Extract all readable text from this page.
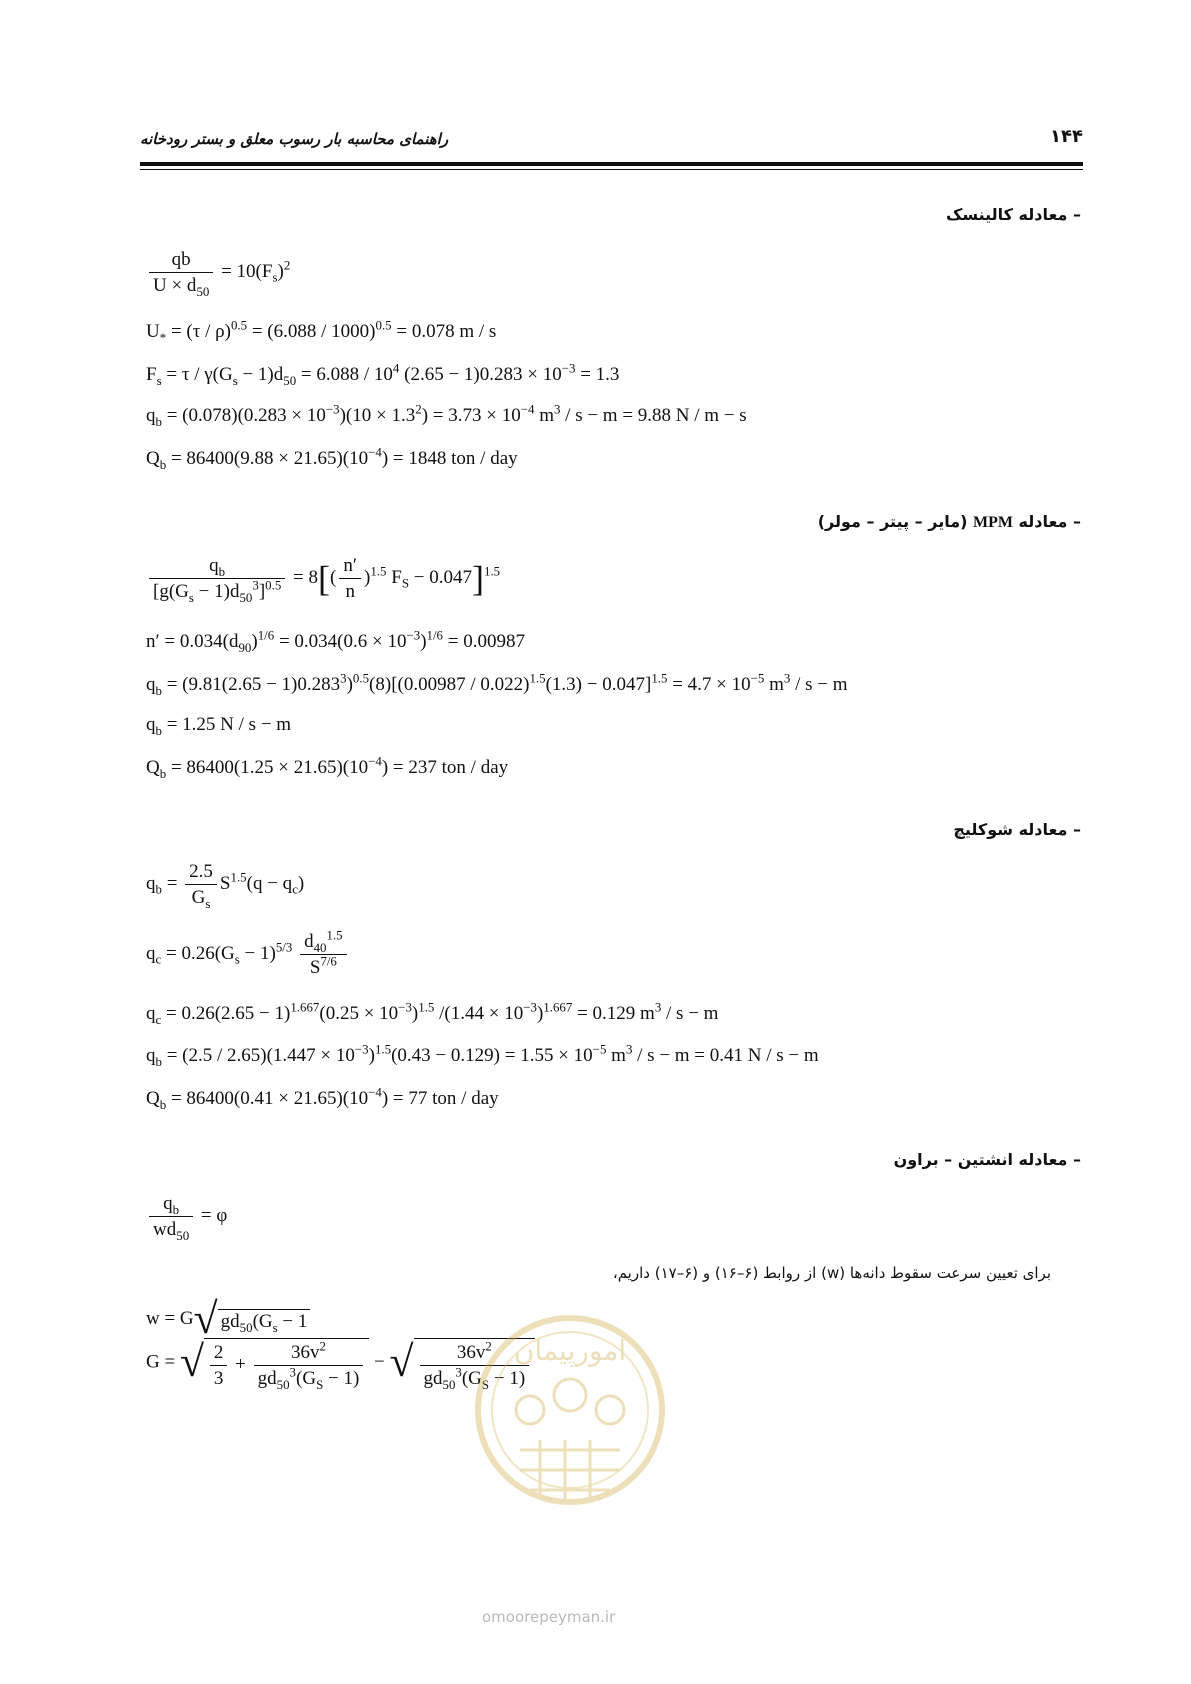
راهنمای محاسبه بار رسوب معلق و بستر رودخانه	۱۴۴
– معادله کالینسک
$\frac{qb}{U \times d_{50}} = 10(F_s)^2$
$U_* = (\tau / \rho)^{0.5} = (6.088 / 1000)^{0.5} = 0.078$ m / s
$F_s = \tau / \gamma(G_s - 1)d_{50} = 6.088 / 10^4$ $(2.65 - 1)0.283 \times 10^{-3} = 1.3$
$q_b = (0.078)(0.283 \times 10^{-3})(10 \times 1.3^2) = 3.73 \times 10^{-4}$ $m^3 / s - m = 9.88$ N / m − s
$Q_b = 86400(9.88 \times 21.65)(10^{-4}) = 1848$ ton / day
– معادله MPM (مایر – پیتر – مولر)
$\frac{q_b}{[g(G_s - 1)d_{50}^3]^{0.5}} = 8[( \frac{n'}{n} )^{1.5}$ $F_S - 0.047]^{1.5}$
$n' = 0.034(d_{90})^{1/6} = 0.034(0.6 \times 10^{-3})^{1/6} = 0.00987$
$q_b = (9.81(2.65 - 1)0.283^3)^{0.5}(8)[(0.00987 / 0.022)^{1.5}(1.3) - 0.047]^{1.5} = 4.7 \times 10^{-5}$ $m^3 / s - m$
$q_b = 1.25$ N / s − m
$Q_b = 86400(1.25 \times 21.65)(10^{-4}) = 237$ ton / day
– معادله شوکلیچ
$q_b = \frac{2.5}{G_s} S^{1.5}(q - q_c)$
$q_c = 0.26(G_s - 1)^{5/3} \frac{d_{40}^{1.5}}{S^{7/6}}$
$q_c = 0.26(2.65 - 1)^{1.667}(0.25 \times 10^{-3})^{1.5}$ $/(1.44 \times 10^{-3})^{1.667} = 0.129$ $m^3 / s - m$
$q_b = (2.5 / 2.65)(1.447 \times 10^{-3})^{1.5}(0.43 - 0.129) = 1.55 \times 10^{-5}$ $m^3 / s - m = 0.41$ N / s − m
$Q_b = 86400(0.41 \times 21.65)(10^{-4}) = 77$ ton / day
– معادله انشتین – براون
$\frac{q_b}{wd_{50}} = \varphi$
برای تعیین سرعت سقوط دانه‌ها (w) از روابط (۶–۱۶) و (۶–۱۷) داریم،
w = G√ $gd_{50}(G_s - 1$
G = √ $\frac{2}{3} + \frac{36v^2}{gd_{50}^3(G_S - 1)}$ − √ $\frac{36v^2}{gd_{50}^3(G_S - 1)}$
امورپیمان
omoorepeyman.ir
